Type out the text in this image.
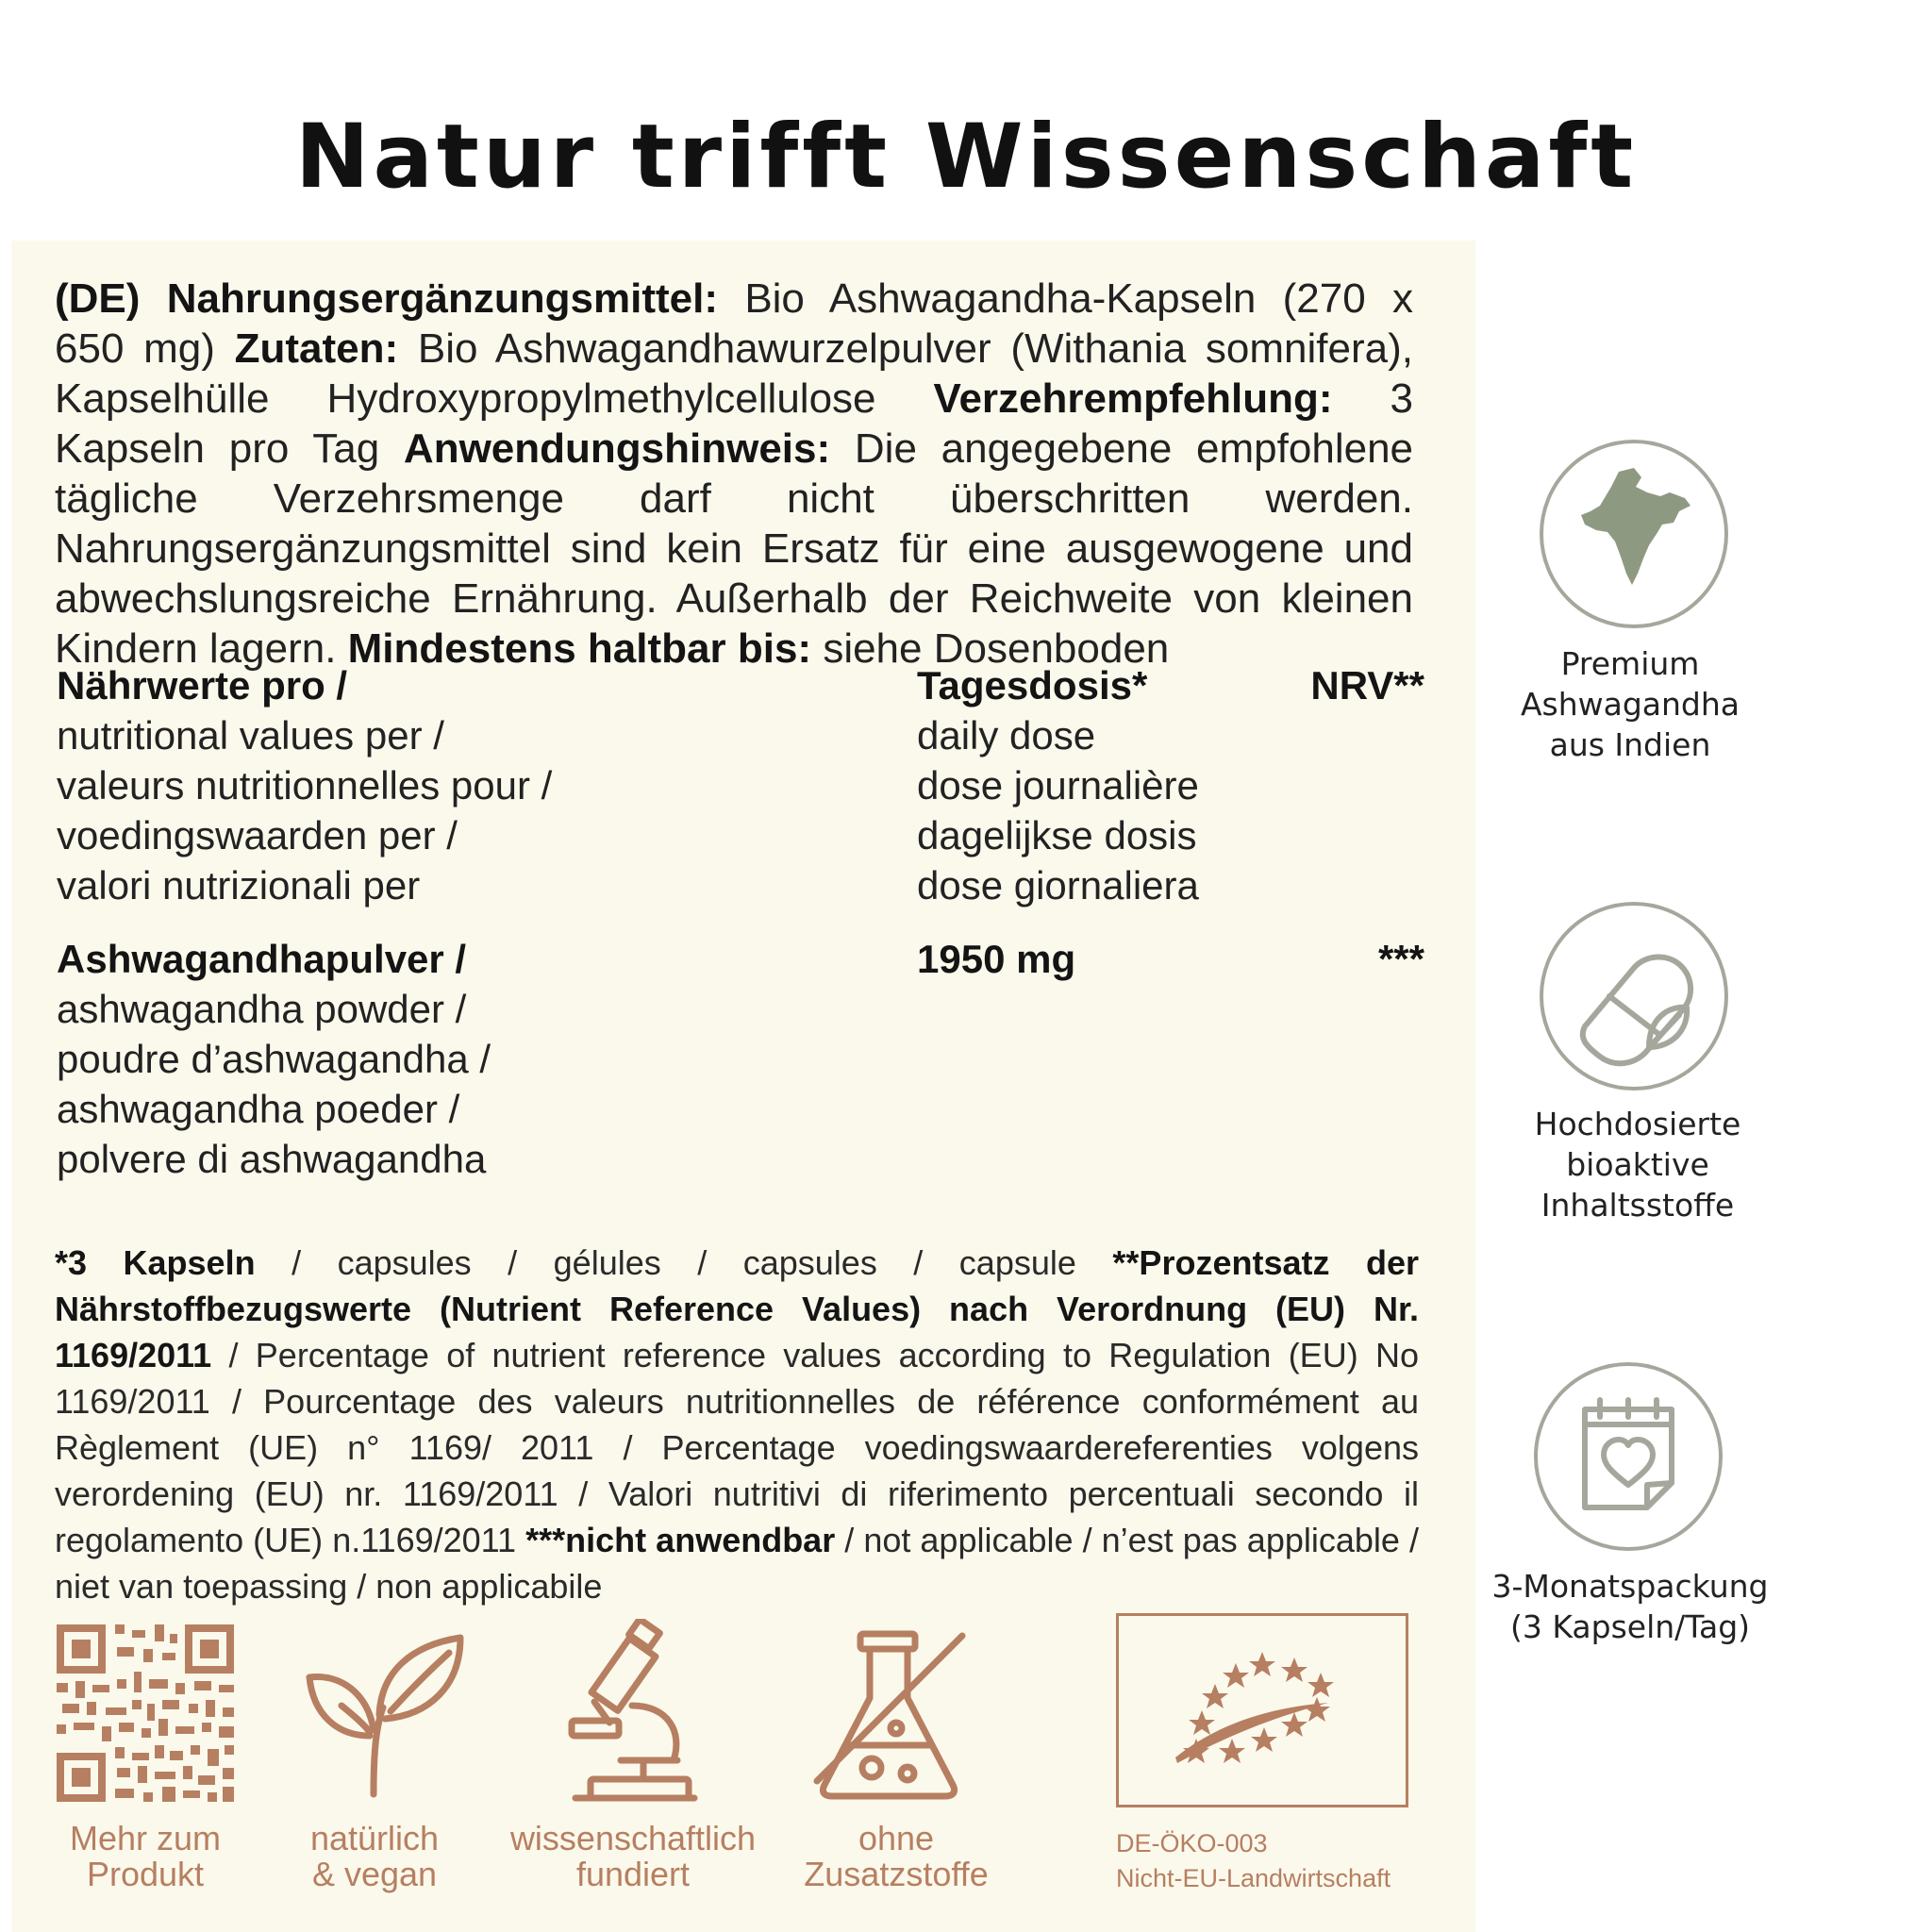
Natur trifft Wissenschaft
(DE) Nahrungsergänzungsmittel: Bio Ashwagandha-Kapseln (270 x 650 mg) Zutaten: Bio Ashwagandhawurzelpulver (Withania somnifera), Kapselhülle Hydroxypropylmethylcellulose Verzehrempfehlung: 3 Kapseln pro Tag Anwendungshinweis: Die angegebene empfohlene tägliche Verzehrsmenge darf nicht überschritten werden. Nahrungsergänzungsmittel sind kein Ersatz für eine ausgewogene und abwechslungsreiche Ernährung. Außerhalb der Reichweite von kleinen Kindern lagern. Mindestens haltbar bis: siehe Dosenboden
Nährwerte pro /
nutritional values per /
valeurs nutritionnelles pour /
voedingswaarden per /
valori nutrizionali per
Tagesdosis*
daily dose
dose journalière
dagelijkse dosis
dose giornaliera
NRV**
Ashwagandhapulver /
ashwagandha powder /
poudre d’ashwagandha /
ashwagandha poeder /
polvere di ashwagandha
1950 mg	***
*3 Kapseln / capsules / gélules / capsules / capsule **Prozentsatz der Nährstoffbezugswerte (Nutrient Reference Values) nach Verordnung (EU) Nr. 1169/2011 / Percentage of nutrient reference values according to Regulation (EU) No 1169/2011 / Pourcentage des valeurs nutritionnelles de référence conformément au Règlement (UE) n° 1169/ 2011 / Percentage voedingswaardereferenties volgens verordening (EU) nr. 1169/2011 / Valori nutritivi di riferimento percentuali secondo il regolamento (UE) n.1169/2011 ***nicht anwendbar / not applicable / n’est pas applicable / niet van toepassing / non applicabile
Mehr zum
Produkt
natürlich
& vegan
wissenschaftlich
fundiert
ohne
Zusatzstoffe
DE-ÖKO-003
Nicht-EU-Landwirtschaft
Premium
Ashwagandha
aus Indien
Hochdosierte
bioaktive
Inhaltsstoffe
3-Monatspackung
(3 Kapseln/Tag)
